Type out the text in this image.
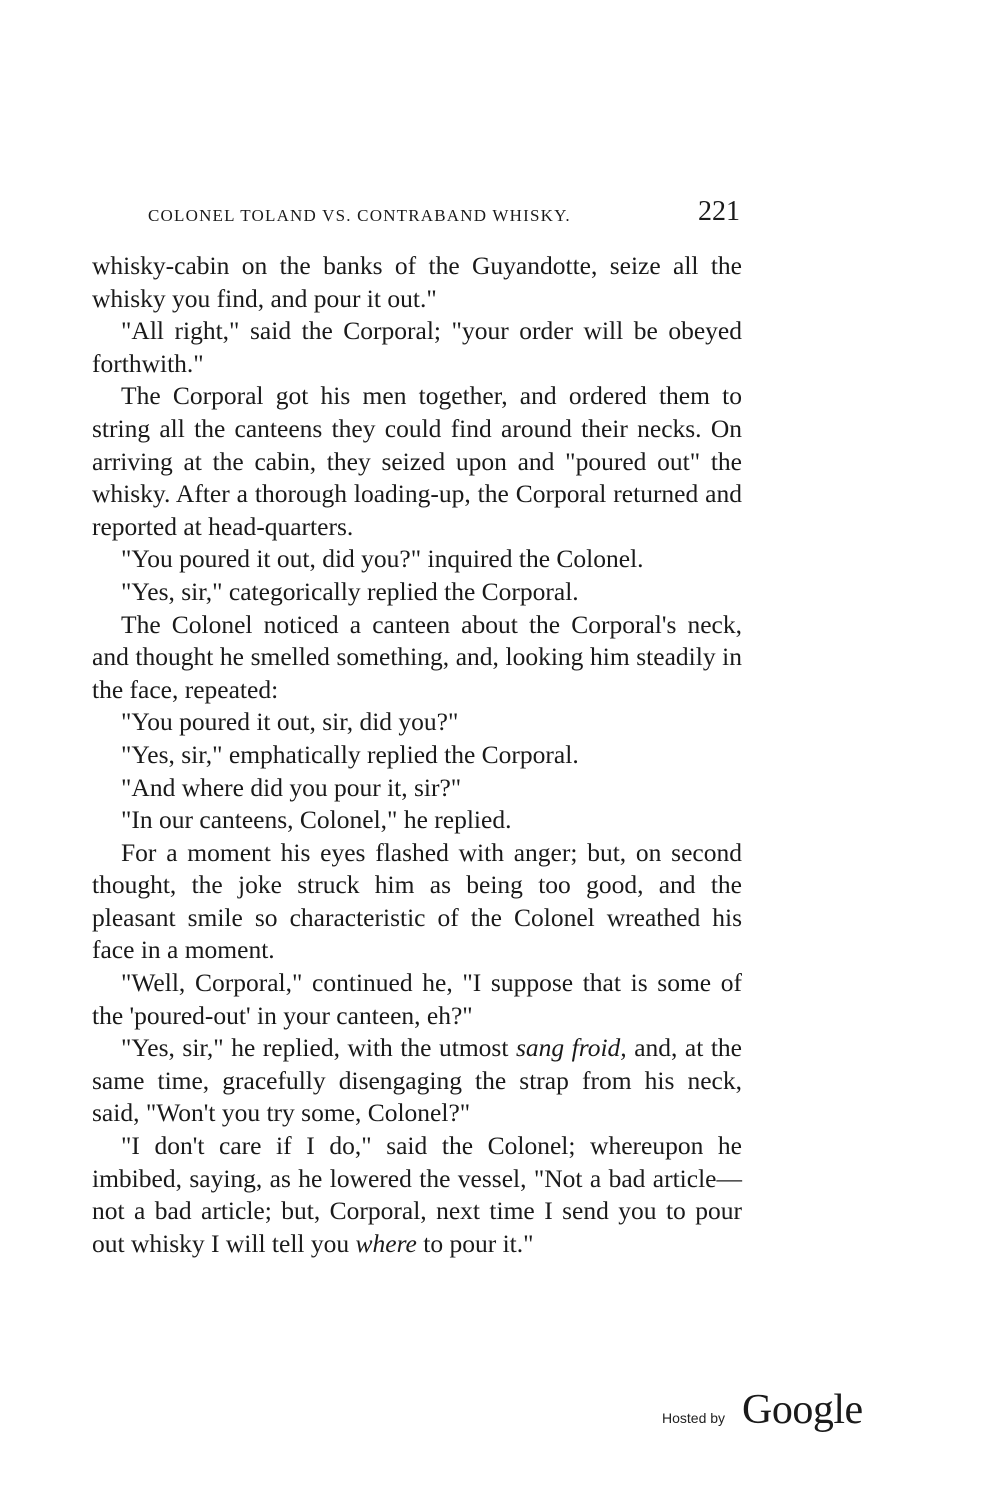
COLONEL TOLAND VS. CONTRABAND WHISKY.	221

whisky-cabin on the banks of the Guyandotte, seize all the whisky you find, and pour it out."

"All right," said the Corporal; "your order will be obeyed forthwith."

The Corporal got his men together, and ordered them to string all the canteens they could find around their necks. On arriving at the cabin, they seized upon and "poured out" the whisky. After a thorough loading-up, the Corporal returned and reported at head-quarters.

"You poured it out, did you?" inquired the Colonel.

"Yes, sir," categorically replied the Corporal.

The Colonel noticed a canteen about the Corporal's neck, and thought he smelled something, and, looking him steadily in the face, repeated:

"You poured it out, sir, did you?"

"Yes, sir," emphatically replied the Corporal.

"And where did you pour it, sir?"

"In our canteens, Colonel," he replied.

For a moment his eyes flashed with anger; but, on second thought, the joke struck him as being too good, and the pleasant smile so characteristic of the Colonel wreathed his face in a moment.

"Well, Corporal," continued he, "I suppose that is some of the 'poured-out' in your canteen, eh?"

"Yes, sir," he replied, with the utmost sang froid, and, at the same time, gracefully disengaging the strap from his neck, said, "Won't you try some, Colonel?"

"I don't care if I do," said the Colonel; whereupon he imbibed, saying, as he lowered the vessel, "Not a bad article—not a bad article; but, Corporal, next time I send you to pour out whisky I will tell you where to pour it."

Hosted by Google
